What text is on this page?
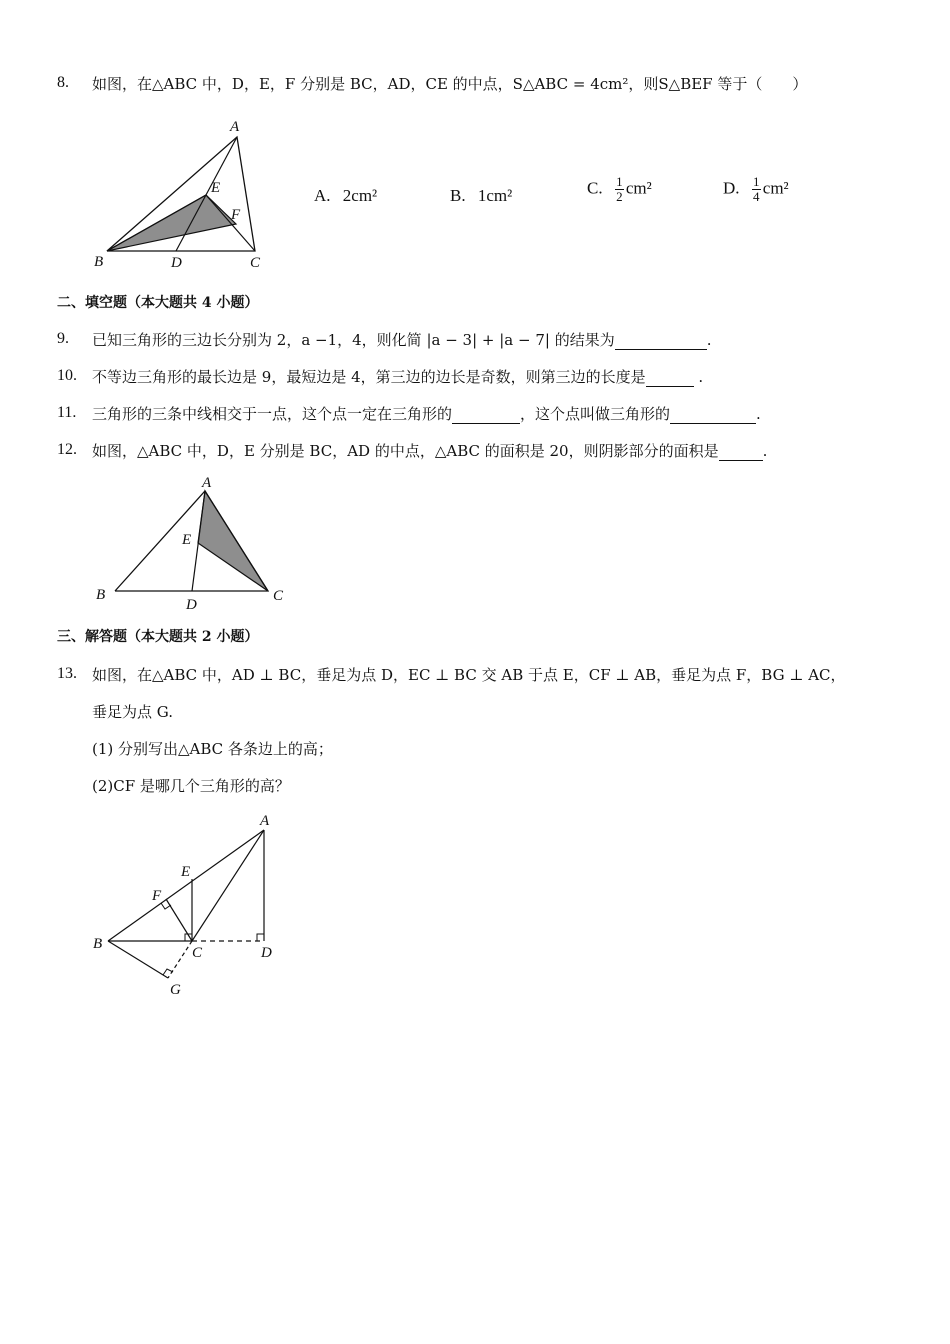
8. 如图，在△ABC 中，D，E，F 分别是 BC，AD，CE 的中点，S△ABC = 4cm²，则S△BEF 等于（　　）
A
B	C
D
E
F
A. 2cm²	B. 1cm²	C. $\frac{1}{2} cm^2$	D. $\frac{1}{4} cm^2$
二、填空题（本大题共 4 小题）
9. 已知三角形的三边长分别为 2，a −1，4，则化简 |a − 3| + |a − 7| 的结果为	.
10. 不等边三角形的最长边是 9，最短边是 4，第三边的边长是奇数，则第三边的长度是	.
11. 三角形的三条中线相交于一点，这个点一定在三角形的	，这个点叫做三角形的	.
12. 如图，△ABC 中，D，E 分别是 BC，AD 的中点，△ABC 的面积是 20，则阴影部分的面积是	.
A
B	C
D
E
三、解答题（本大题共 2 小题）
13. 如图，在△ABC 中，AD ⊥ BC，垂足为点 D，EC ⊥ BC 交 AB 于点 E，CF ⊥ AB，垂足为点 F，BG ⊥ AC，
垂足为点 G.
(1) 分别写出△ABC 各条边上的高；
(2)CF 是哪几个三角形的高？
A
B
C	D
E
F
G
